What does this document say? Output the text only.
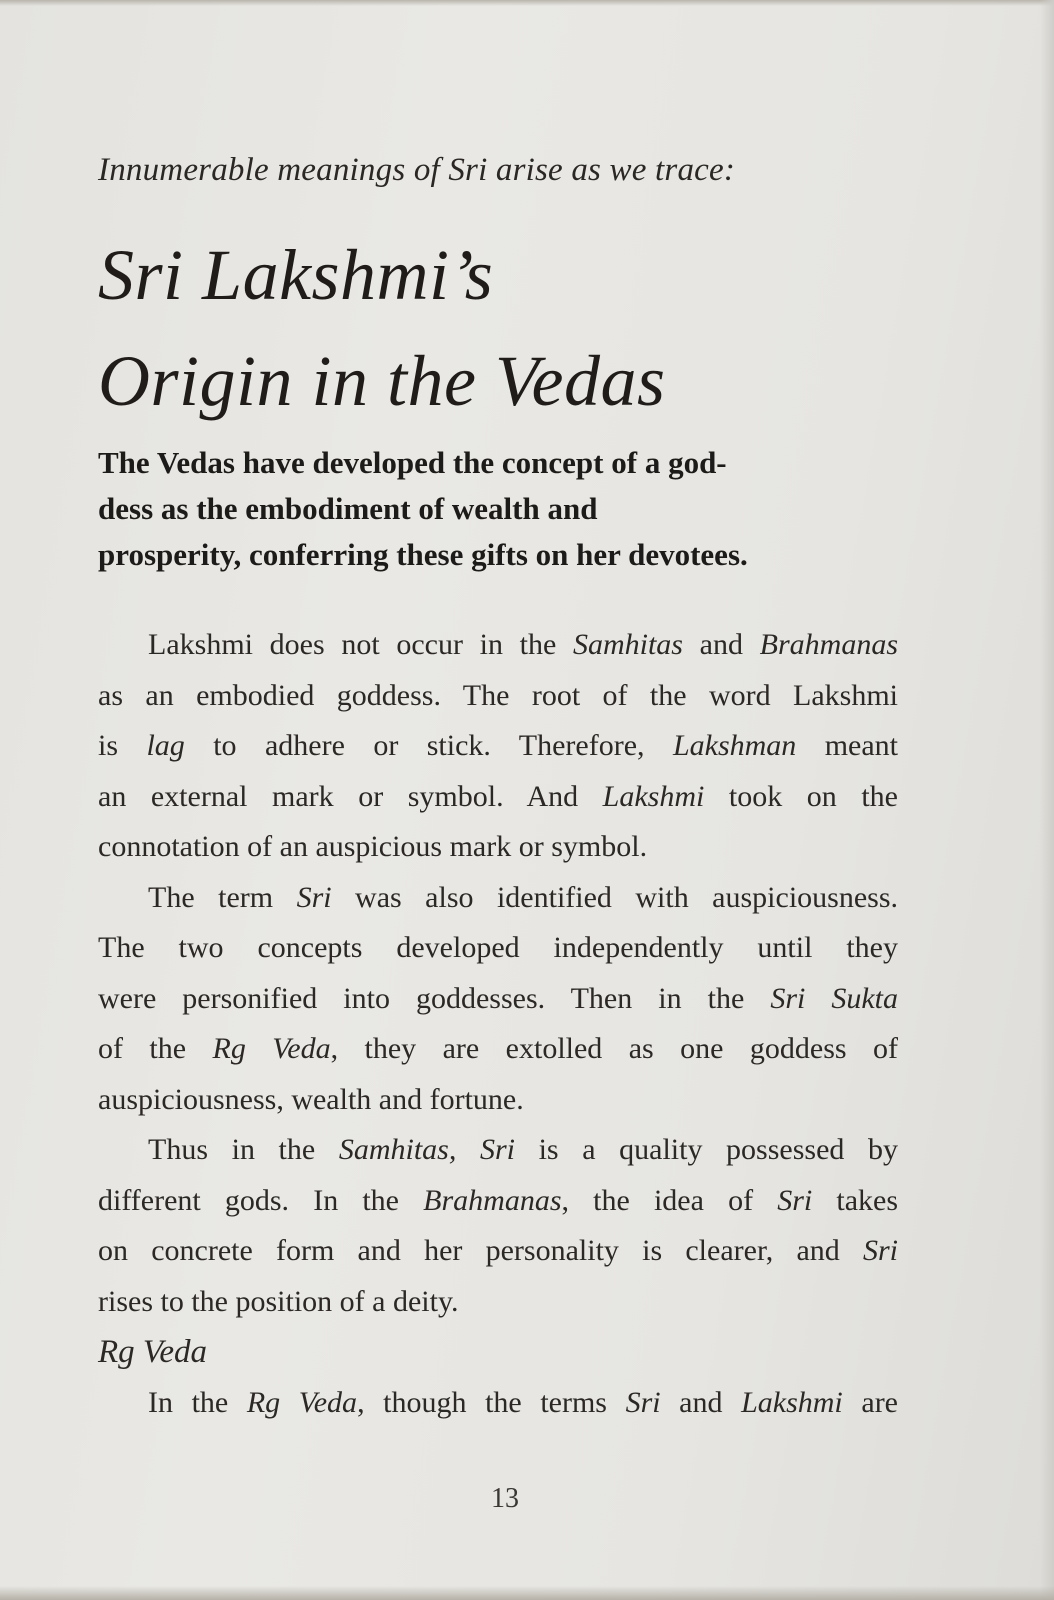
Innumerable meanings of Sri arise as we trace:
Sri Lakshmi’s
Origin in the Vedas

The Vedas have developed the concept of a god-
dess as the embodiment of wealth and
prosperity, conferring these gifts on her devotees.

Lakshmi does not occur in the Samhitas and Brahmanas
as an embodied goddess. The root of the word Lakshmi
is lag to adhere or stick. Therefore, Lakshman meant
an external mark or symbol. And Lakshmi took on the
connotation of an auspicious mark or symbol.
The term Sri was also identified with auspiciousness.
The two concepts developed independently until they
were personified into goddesses. Then in the Sri Sukta
of the Rg Veda, they are extolled as one goddess of
auspiciousness, wealth and fortune.
Thus in the Samhitas, Sri is a quality possessed by
different gods. In the Brahmanas, the idea of Sri takes
on concrete form and her personality is clearer, and Sri
rises to the position of a deity.
Rg Veda
In the Rg Veda, though the terms Sri and Lakshmi are
13
